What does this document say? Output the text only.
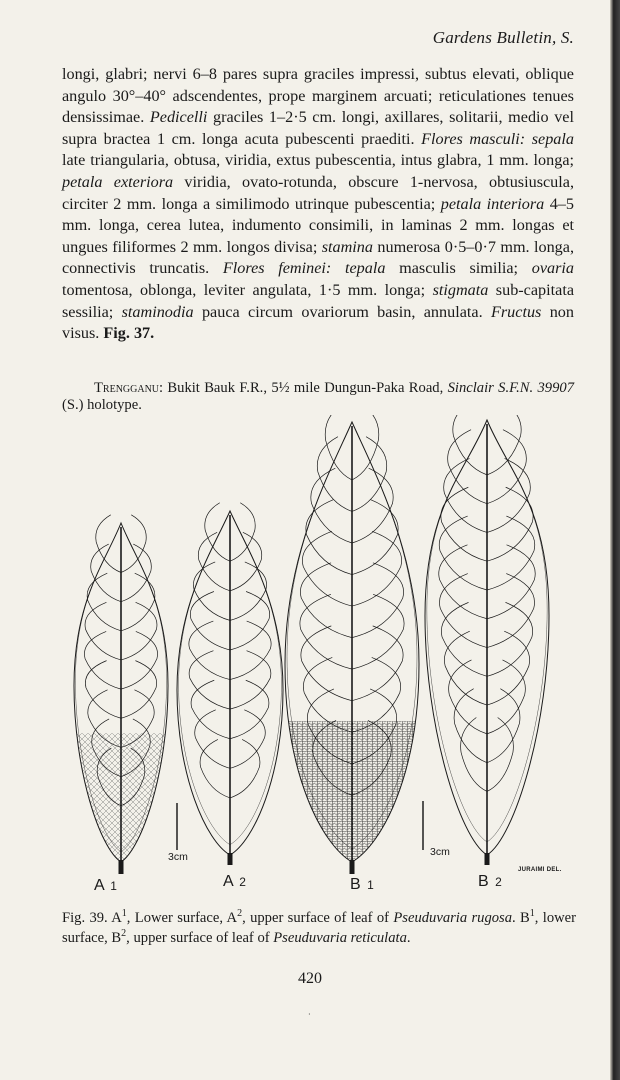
Gardens Bulletin, S.
longi, glabri; nervi 6–8 pares supra graciles impressi, subtus elevati, oblique angulo 30°–40° adscendentes, prope marginem arcuati; reticulationes tenues densissimae. Pedicelli graciles 1–2·5 cm. longi, axillares, solitarii, medio vel supra bractea 1 cm. longa acuta pubescenti praediti. Flores masculi: sepala late triangularia, obtusa, viridia, extus pubescentia, intus glabra, 1 mm. longa; petala exteriora viridia, ovato-rotunda, obscure 1-nervosa, obtusiuscula, circiter 2 mm. longa a similimodo utrinque pubescentia; petala interiora 4–5 mm. longa, cerea lutea, indumento consimili, in laminas 2 mm. longas et ungues filiformes 2 mm. longos divisa; stamina numerosa 0·5–0·7 mm. longa, connectivis truncatis. Flores feminei: tepala masculis similia; ovaria tomentosa, oblonga, leviter angulata, 1·5 mm. longa; stigmata sub-capitata sessilia; staminodia pauca circum ovariorum basin, annulata. Fructus non visus. Fig. 37.
Trengganu: Bukit Bauk F.R., 5½ mile Dungun-Paka Road, Sinclair S.F.N. 39907 (S.) holotype.
3cm	3cm
JURAIMI DEL.
A 1	A 2	B 1	B 2
Fig. 39. $A^1$, Lower surface, $A^2$, upper surface of leaf of Pseuduvaria rugosa. $B^1$, lower surface, $B^2$, upper surface of leaf of Pseuduvaria reticulata.
420
·
